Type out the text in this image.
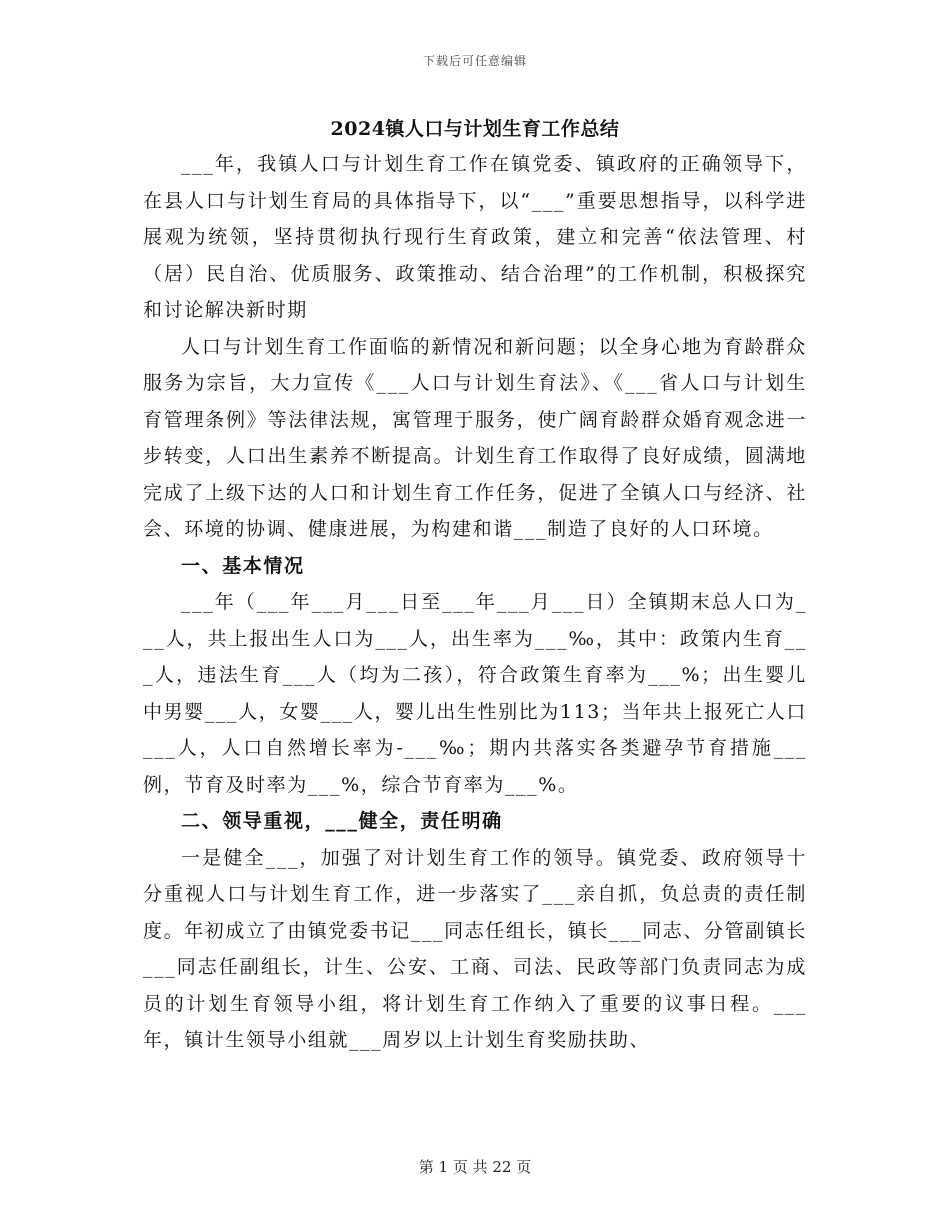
下载后可任意编辑
2024镇人口与计划生育工作总结

___年，我镇人口与计划生育工作在镇党委、镇政府的正确领导下，在县人口与计划生育局的具体指导下，以“___”重要思想指导，以科学进展观为统领，坚持贯彻执行现行生育政策，建立和完善“依法管理、村（居）民自治、优质服务、政策推动、结合治理”的工作机制，积极探究和讨论解决新时期

人口与计划生育工作面临的新情况和新问题；以全身心地为育龄群众服务为宗旨，大力宣传《___人口与计划生育法》、《___省人口与计划生育管理条例》等法律法规，寓管理于服务，使广阔育龄群众婚育观念进一步转变，人口出生素养不断提高。计划生育工作取得了良好成绩，圆满地完成了上级下达的人口和计划生育工作任务，促进了全镇人口与经济、社会、环境的协调、健康进展，为构建和谐___制造了良好的人口环境。

一、基本情况

___年（___年___月___日至___年___月___日）全镇期末总人口为___人，共上报出生人口为___人，出生率为___‰，其中：政策内生育___人，违法生育___人（均为二孩），符合政策生育率为___%；出生婴儿中男婴___人，女婴___人，婴儿出生性别比为113；当年共上报死亡人口___人，人口自然增长率为-___‰；期内共落实各类避孕节育措施___例，节育及时率为___%，综合节育率为___%。

二、领导重视，___健全，责任明确

一是健全___，加强了对计划生育工作的领导。镇党委、政府领导十分重视人口与计划生育工作，进一步落实了___亲自抓，负总责的责任制度。年初成立了由镇党委书记___同志任组长，镇长___同志、分管副镇长___同志任副组长，计生、公安、工商、司法、民政等部门负责同志为成员的计划生育领导小组，将计划生育工作纳入了重要的议事日程。___年，镇计生领导小组就___周岁以上计划生育奖励扶助、

第 1 页 共 22 页
